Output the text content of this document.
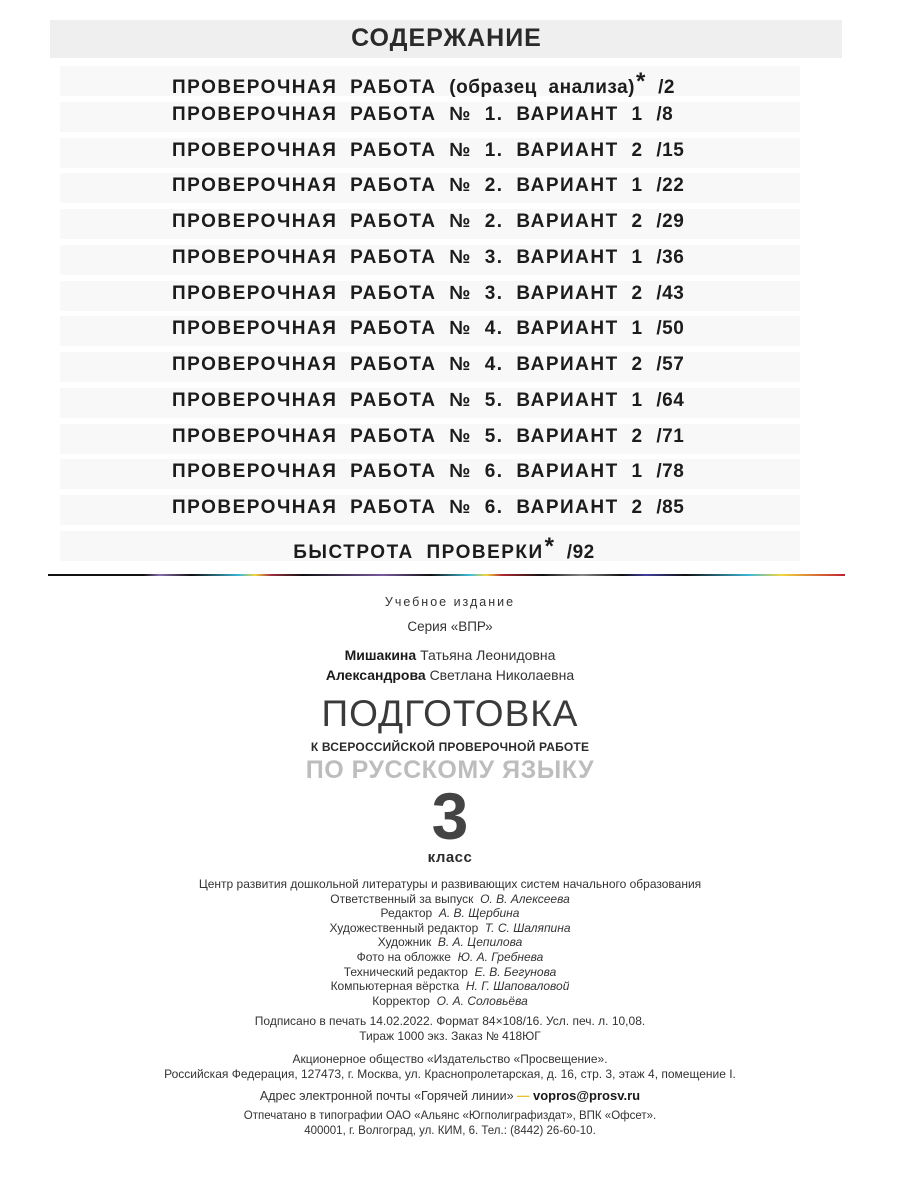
СОДЕРЖАНИЕ
ПРОВЕРОЧНАЯ РАБОТА (образец анализа)* /2
ПРОВЕРОЧНАЯ РАБОТА № 1. ВАРИАНТ 1 /8
ПРОВЕРОЧНАЯ РАБОТА № 1. ВАРИАНТ 2 /15
ПРОВЕРОЧНАЯ РАБОТА № 2. ВАРИАНТ 1 /22
ПРОВЕРОЧНАЯ РАБОТА № 2. ВАРИАНТ 2 /29
ПРОВЕРОЧНАЯ РАБОТА № 3. ВАРИАНТ 1 /36
ПРОВЕРОЧНАЯ РАБОТА № 3. ВАРИАНТ 2 /43
ПРОВЕРОЧНАЯ РАБОТА № 4. ВАРИАНТ 1 /50
ПРОВЕРОЧНАЯ РАБОТА № 4. ВАРИАНТ 2 /57
ПРОВЕРОЧНАЯ РАБОТА № 5. ВАРИАНТ 1 /64
ПРОВЕРОЧНАЯ РАБОТА № 5. ВАРИАНТ 2 /71
ПРОВЕРОЧНАЯ РАБОТА № 6. ВАРИАНТ 1 /78
ПРОВЕРОЧНАЯ РАБОТА № 6. ВАРИАНТ 2 /85
БЫСТРОТА ПРОВЕРКИ* /92
Учебное издание
Серия «ВПР»
Мишакина Татьяна Леонидовна
Александрова Светлана Николаевна
ПОДГОТОВКА
К ВСЕРОССИЙСКОЙ ПРОВЕРОЧНОЙ РАБОТЕ
ПО РУССКОМУ ЯЗЫКУ
3
класс
Центр развития дошкольной литературы и развивающих систем начального образования
Ответственный за выпуск О. В. Алексеева
Редактор А. В. Щербина
Художественный редактор Т. С. Шаляпина
Художник В. А. Цепилова
Фото на обложке Ю. А. Гребнева
Технический редактор Е. В. Бегунова
Компьютерная вёрстка Н. Г. Шаповаловой
Корректор О. А. Соловьёва
Подписано в печать 14.02.2022. Формат 84×108/16. Усл. печ. л. 10,08.
Тираж 1000 экз. Заказ № 418ЮГ
Акционерное общество «Издательство «Просвещение».
Российская Федерация, 127473, г. Москва, ул. Краснопролетарская, д. 16, стр. 3, этаж 4, помещение I.
Адрес электронной почты «Горячей линии» — vopros@prosv.ru
Отпечатано в типографии ОАО «Альянс «Югполиграфиздат», ВПК «Офсет».
400001, г. Волгоград, ул. КИМ, 6. Тел.: (8442) 26-60-10.
